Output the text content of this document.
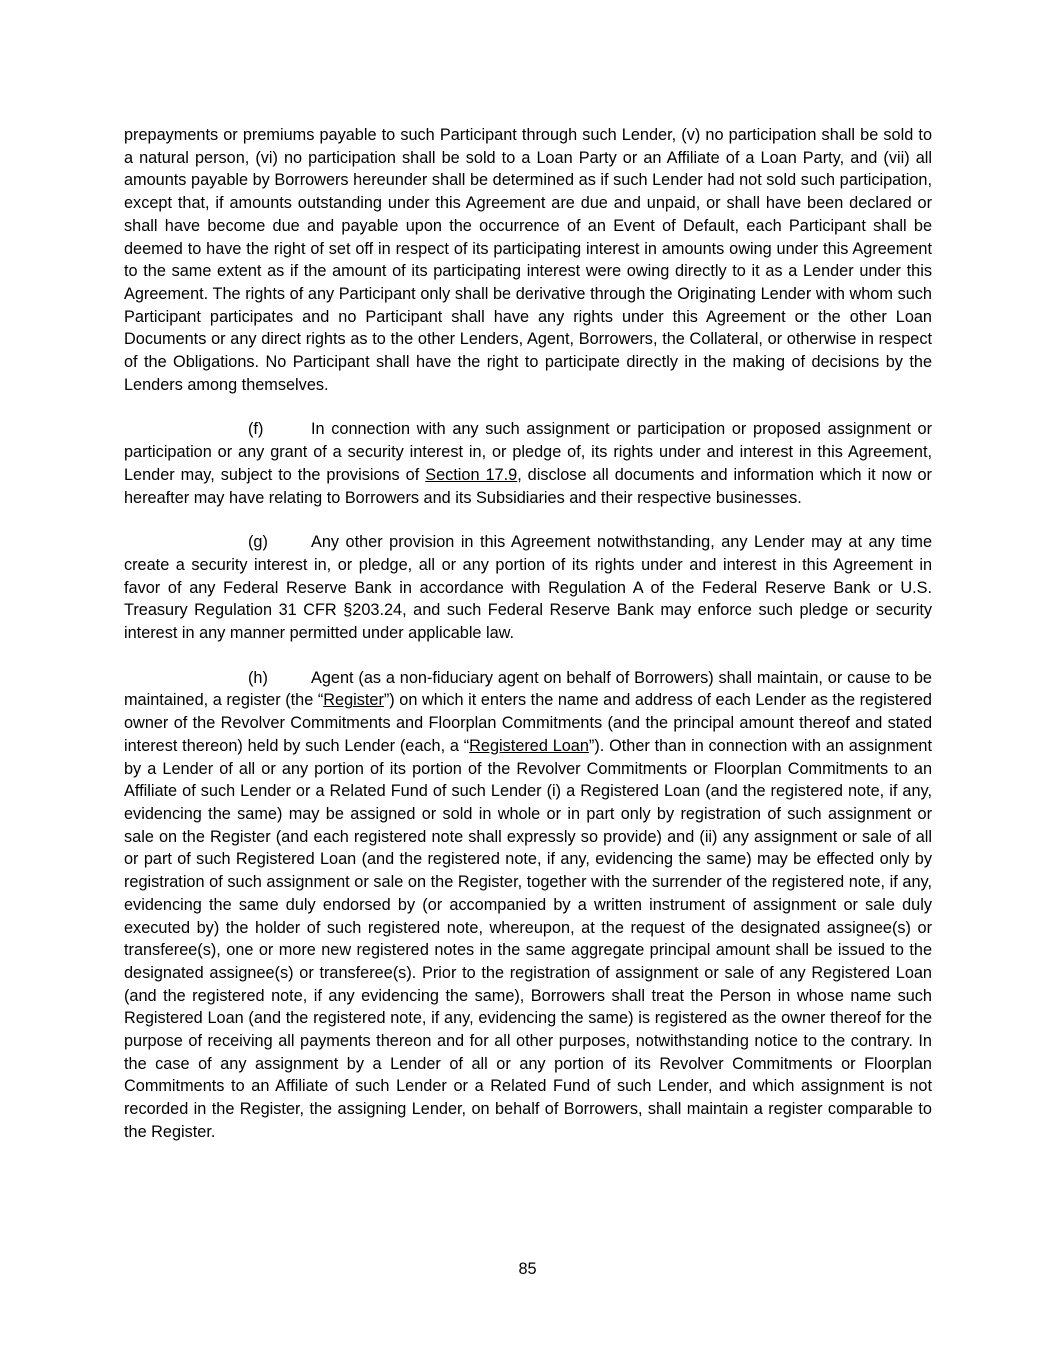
prepayments or premiums payable to such Participant through such Lender, (v) no participation shall be sold to a natural person, (vi) no participation shall be sold to a Loan Party or an Affiliate of a Loan Party, and (vii) all amounts payable by Borrowers hereunder shall be determined as if such Lender had not sold such participation, except that, if amounts outstanding under this Agreement are due and unpaid, or shall have been declared or shall have become due and payable upon the occurrence of an Event of Default, each Participant shall be deemed to have the right of set off in respect of its participating interest in amounts owing under this Agreement to the same extent as if the amount of its participating interest were owing directly to it as a Lender under this Agreement. The rights of any Participant only shall be derivative through the Originating Lender with whom such Participant participates and no Participant shall have any rights under this Agreement or the other Loan Documents or any direct rights as to the other Lenders, Agent, Borrowers, the Collateral, or otherwise in respect of the Obligations. No Participant shall have the right to participate directly in the making of decisions by the Lenders among themselves.

(f)	In connection with any such assignment or participation or proposed assignment or participation or any grant of a security interest in, or pledge of, its rights under and interest in this Agreement, Lender may, subject to the provisions of Section 17.9, disclose all documents and information which it now or hereafter may have relating to Borrowers and its Subsidiaries and their respective businesses.

(g)	Any other provision in this Agreement notwithstanding, any Lender may at any time create a security interest in, or pledge, all or any portion of its rights under and interest in this Agreement in favor of any Federal Reserve Bank in accordance with Regulation A of the Federal Reserve Bank or U.S. Treasury Regulation 31 CFR §203.24, and such Federal Reserve Bank may enforce such pledge or security interest in any manner permitted under applicable law.

(h)	Agent (as a non-fiduciary agent on behalf of Borrowers) shall maintain, or cause to be maintained, a register (the “Register”) on which it enters the name and address of each Lender as the registered owner of the Revolver Commitments and Floorplan Commitments (and the principal amount thereof and stated interest thereon) held by such Lender (each, a “Registered Loan”). Other than in connection with an assignment by a Lender of all or any portion of its portion of the Revolver Commitments or Floorplan Commitments to an Affiliate of such Lender or a Related Fund of such Lender (i) a Registered Loan (and the registered note, if any, evidencing the same) may be assigned or sold in whole or in part only by registration of such assignment or sale on the Register (and each registered note shall expressly so provide) and (ii) any assignment or sale of all or part of such Registered Loan (and the registered note, if any, evidencing the same) may be effected only by registration of such assignment or sale on the Register, together with the surrender of the registered note, if any, evidencing the same duly endorsed by (or accompanied by a written instrument of assignment or sale duly executed by) the holder of such registered note, whereupon, at the request of the designated assignee(s) or transferee(s), one or more new registered notes in the same aggregate principal amount shall be issued to the designated assignee(s) or transferee(s). Prior to the registration of assignment or sale of any Registered Loan (and the registered note, if any evidencing the same), Borrowers shall treat the Person in whose name such Registered Loan (and the registered note, if any, evidencing the same) is registered as the owner thereof for the purpose of receiving all payments thereon and for all other purposes, notwithstanding notice to the contrary. In the case of any assignment by a Lender of all or any portion of its Revolver Commitments or Floorplan Commitments to an Affiliate of such Lender or a Related Fund of such Lender, and which assignment is not recorded in the Register, the assigning Lender, on behalf of Borrowers, shall maintain a register comparable to the Register.

85
